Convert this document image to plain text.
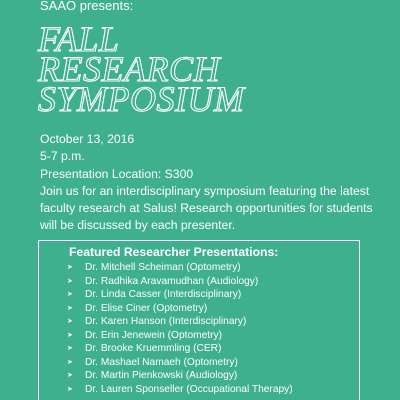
SAAO presents:
FALL
RESEARCH
SYMPOSIUM
October 13, 2016
5-7 p.m.
Presentation Location: S300
Join us for an interdisciplinary symposium featuring the latest faculty research at Salus! Research opportunities for students will be discussed by each presenter.
Featured Researcher Presentations:
➤ Dr. Mitchell Scheiman (Optometry)
➤ Dr. Radhika Aravamudhan (Audiology)
➤ Dr. Linda Casser (Interdisciplinary)
➤ Dr. Elise Ciner (Optometry)
➤ Dr. Karen Hanson (Interdisciplinary)
➤ Dr. Erin Jenewein (Optometry)
➤ Dr. Brooke Kruemmling (CER)
➤ Dr. Mashael Namaeh (Optometry)
➤ Dr. Martin Pienkowski (Audiology)
➤ Dr. Lauren Sponseller (Occupational Therapy)
